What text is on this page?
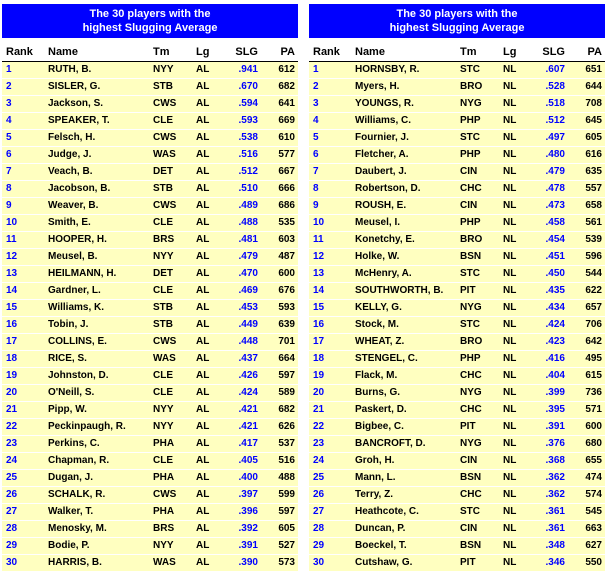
The 30 players with the
highest Slugging Average
Rank Name	Tm Lg SLG PA
1	RUTH, B.	NYY AL	.941 612
2	SISLER, G.	STB AL	.670 682
3	Jackson, S.	CWS AL	.594 641
4	SPEAKER, T.	CLE AL	.593 669
5	Felsch, H.	CWS AL	.538 610
6	Judge, J.	WAS AL	.516 577
7	Veach, B.	DET AL	.512 667
8	Jacobson, B.	STB AL	.510 666
9	Weaver, B.	CWS AL	.489 686
10	Smith, E.	CLE AL	.488 535
11	HOOPER, H.	BRS AL	.481 603
12	Meusel, B.	NYY AL	.479 487
13	HEILMANN, H.	DET AL	.470 600
14	Gardner, L.	CLE AL	.469 676
15	Williams, K.	STB AL	.453 593
16	Tobin, J.	STB AL	.449 639
17	COLLINS, E.	CWS AL	.448 701
18	RICE, S.	WAS AL	.437 664
19	Johnston, D.	CLE AL	.426 597
20	O'Neill, S.	CLE AL	.424 589
21	Pipp, W.	NYY AL	.421 682
22	Peckinpaugh, R.	NYY AL	.421 626
23	Perkins, C.	PHA AL	.417 537
24	Chapman, R.	CLE AL	.405 516
25	Dugan, J.	PHA AL	.400 488
26	SCHALK, R.	CWS AL	.397 599
27	Walker, T.	PHA AL	.396 597
28	Menosky, M.	BRS AL	.392 605
29	Bodie, P.	NYY AL	.391 527
30	HARRIS, B.	WAS AL	.390 573
The 30 players with the
highest Slugging Average
Rank Name	Tm Lg SLG PA
1	HORNSBY, R.	STC NL	.607 651
2	Myers, H.	BRO NL	.528 644
3	YOUNGS, R.	NYG NL	.518 708
4	Williams, C.	PHP NL	.512 645
5	Fournier, J.	STC NL	.497 605
6	Fletcher, A.	PHP NL	.480 616
7	Daubert, J.	CIN	NL	.479 635
8	Robertson, D.	CHC NL	.478 557
9	ROUSH, E.	CIN	NL	.473 658
10	Meusel, I.	PHP NL	.458 561
11	Konetchy, E.	BRO NL	.454 539
12	Holke, W.	BSN NL	.451 596
13	McHenry, A.	STC NL	.450 544
14	SOUTHWORTH, B. PIT	NL	.435 622
15	KELLY, G.	NYG NL	.434 657
16	Stock, M.	STC NL	.424 706
17	WHEAT, Z.	BRO NL	.423 642
18	STENGEL, C.	PHP NL	.416 495
19	Flack, M.	CHC NL	.404 615
20	Burns, G.	NYG NL	.399 736
21	Paskert, D.	CHC NL	.395 571
22	Bigbee, C.	PIT	NL	.391 600
23	BANCROFT, D.	NYG NL	.376 680
24	Groh, H.	CIN	NL	.368 655
25	Mann, L.	BSN NL	.362 474
26	Terry, Z.	CHC NL	.362 574
27	Heathcote, C.	STC NL	.361 545
28	Duncan, P.	CIN	NL	.361 663
29	Boeckel, T.	BSN NL	.348 627
30	Cutshaw, G.	PIT	NL	.346 550
